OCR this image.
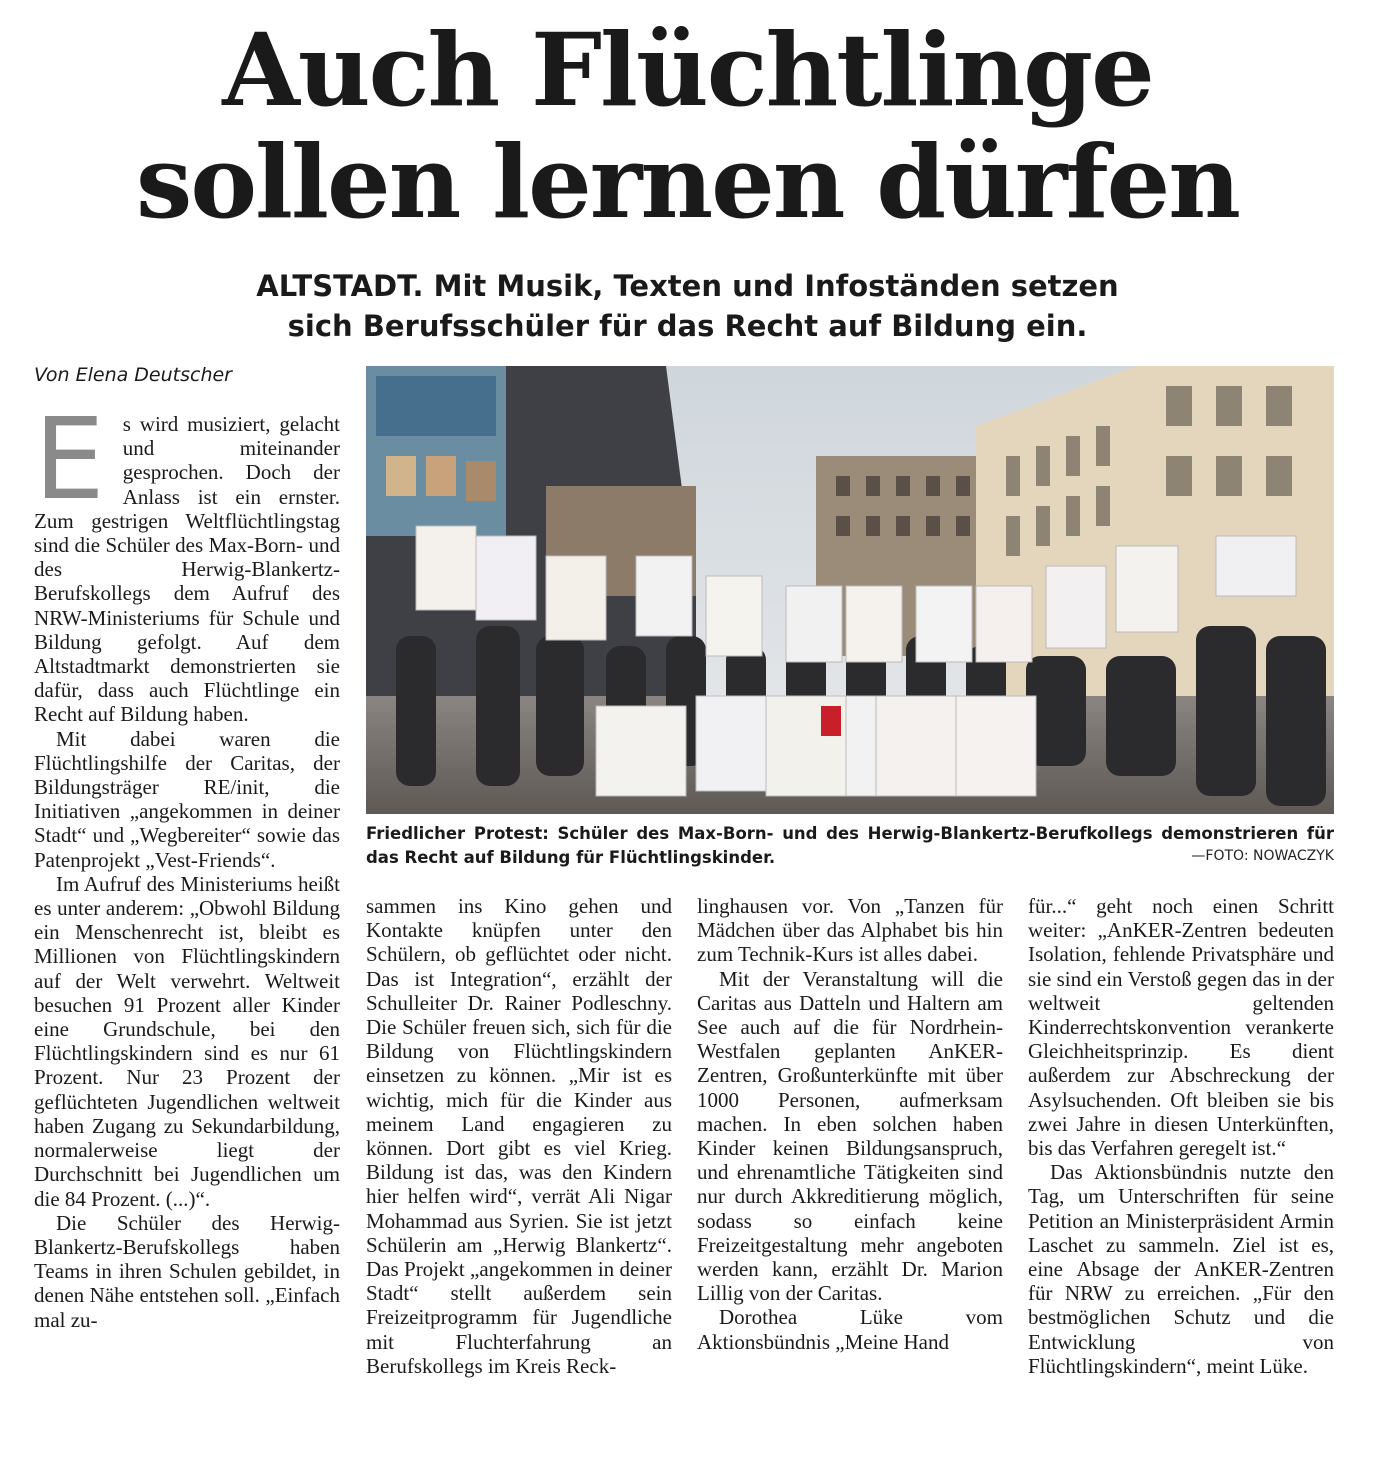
Auch Flüchtlinge
sollen lernen dürfen
ALTSTADT. Mit Musik, Texten und Infoständen setzen
sich Berufsschüler für das Recht auf Bildung ein.
Von Elena Deutscher
E s wird musiziert, gelacht und miteinander gesprochen. Doch der Anlass ist ein ernster. Zum gestrigen Weltflüchtlingstag sind die Schüler des Max-Born- und des Herwig-Blankertz-Berufskollegs dem Aufruf des NRW-Ministeriums für Schule und Bildung gefolgt. Auf dem Altstadtmarkt demonstrierten sie dafür, dass auch Flüchtlinge ein Recht auf Bildung haben.

Mit dabei waren die Flüchtlingshilfe der Caritas, der Bildungsträger RE/init, die Initiativen „angekommen in deiner Stadt“ und „Wegbereiter“ sowie das Patenprojekt „Vest-Friends“.

Im Aufruf des Ministeriums heißt es unter anderem: „Obwohl Bildung ein Menschenrecht ist, bleibt es Millionen von Flüchtlingskindern auf der Welt verwehrt. Weltweit besuchen 91 Prozent aller Kinder eine Grundschule, bei den Flüchtlingskindern sind es nur 61 Prozent. Nur 23 Prozent der geflüchteten Jugendlichen weltweit haben Zugang zu Sekundarbildung, normalerweise liegt der Durchschnitt bei Jugendlichen um die 84 Prozent. (...)“.

Die Schüler des Herwig-Blankertz-Berufskollegs haben Teams in ihren Schulen gebildet, in denen Nähe entstehen soll. „Einfach mal zu-

Friedlicher Protest: Schüler des Max-Born- und des Herwig-Blankertz-Berufkollegs demonstrieren für das Recht auf Bildung für Flüchtlingskinder.	—FOTO: NOWACZYK

sammen ins Kino gehen und Kontakte knüpfen unter den Schülern, ob geflüchtet oder nicht. Das ist Integration“, erzählt der Schulleiter Dr. Rainer Podleschny. Die Schüler freuen sich, sich für die Bildung von Flüchtlingskindern einsetzen zu können. „Mir ist es wichtig, mich für die Kinder aus meinem Land engagieren zu können. Dort gibt es viel Krieg. Bildung ist das, was den Kindern hier helfen wird“, verrät Ali Nigar Mohammad aus Syrien. Sie ist jetzt Schülerin am „Herwig Blankertz“. Das Projekt „angekommen in deiner Stadt“ stellt außerdem sein Freizeitprogramm für Jugendliche mit Fluchterfahrung an Berufskollegs im Kreis Reck-

linghausen vor. Von „Tanzen für Mädchen über das Alphabet bis hin zum Technik-Kurs ist alles dabei.

Mit der Veranstaltung will die Caritas aus Datteln und Haltern am See auch auf die für Nordrhein-Westfalen geplanten AnKER-Zentren, Großunterkünfte mit über 1000 Personen, aufmerksam machen. In eben solchen haben Kinder keinen Bildungsanspruch, und ehrenamtliche Tätigkeiten sind nur durch Akkreditierung möglich, sodass so einfach keine Freizeitgestaltung mehr angeboten werden kann, erzählt Dr. Marion Lillig von der Caritas.

Dorothea Lüke vom Aktionsbündnis „Meine Hand

für...“ geht noch einen Schritt weiter: „AnKER-Zentren bedeuten Isolation, fehlende Privatsphäre und sie sind ein Verstoß gegen das in der weltweit geltenden Kinderrechtskonvention verankerte Gleichheitsprinzip. Es dient außerdem zur Abschreckung der Asylsuchenden. Oft bleiben sie bis zwei Jahre in diesen Unterkünften, bis das Verfahren geregelt ist.“

Das Aktionsbündnis nutzte den Tag, um Unterschriften für seine Petition an Ministerpräsident Armin Laschet zu sammeln. Ziel ist es, eine Absage der AnKER-Zentren für NRW zu erreichen. „Für den bestmöglichen Schutz und die Entwicklung von Flüchtlingskindern“, meint Lüke.
